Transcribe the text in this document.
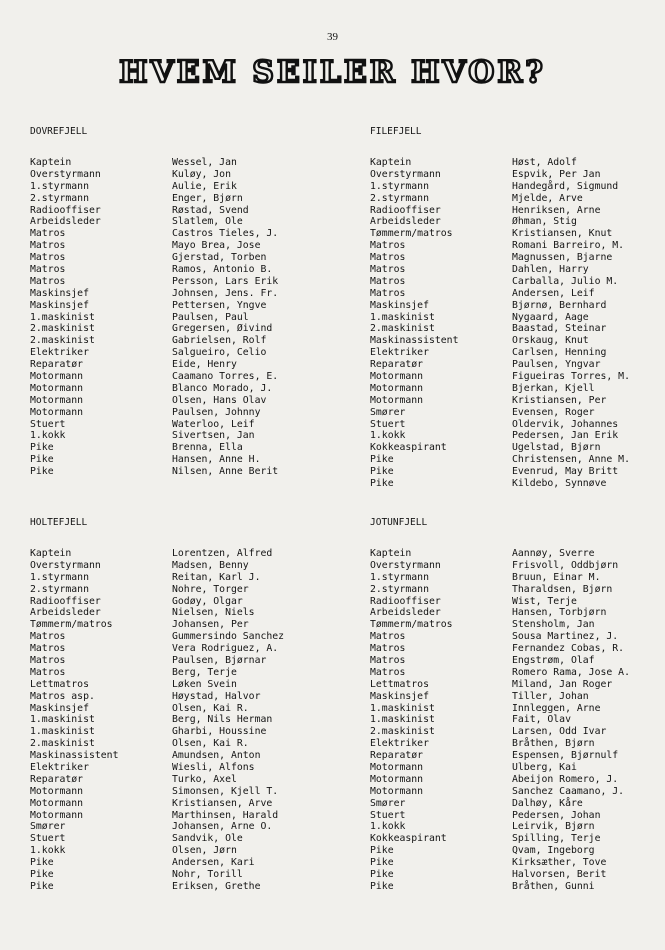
39
HVEM SEILER HVOR?
DOVREFJELL
Kaptein	Wessel, Jan
Overstyrmann	Kuløy, Jon
1.styrmann	Aulie, Erik
2.styrmann	Enger, Bjørn
Radiooffiser	Røstad, Svend
Arbeidsleder	Slatlem, Ole
Matros	Castros Tieles, J.
Matros	Mayo Brea, Jose
Matros	Gjerstad, Torben
Matros	Ramos, Antonio B.
Matros	Persson, Lars Erik
Maskinsjef	Johnsen, Jens. Fr.
Maskinsjef	Pettersen, Yngve
1.maskinist	Paulsen, Paul
2.maskinist	Gregersen, Øivind
2.maskinist	Gabrielsen, Rolf
Elektriker	Salgueiro, Celio
Reparatør	Eide, Henry
Motormann	Caamano Torres, E.
Motormann	Blanco Morado, J.
Motormann	Olsen, Hans Olav
Motormann	Paulsen, Johnny
Stuert	Waterloo, Leif
1.kokk	Sivertsen, Jan
Pike	Brenna, Ella
Pike	Hansen, Anne H.
Pike	Nilsen, Anne Berit
FILEFJELL
Kaptein	Høst, Adolf
Overstyrmann	Espvik, Per Jan
1.styrmann	Handegård, Sigmund
2.styrmann	Mjelde, Arve
Radiooffiser	Henriksen, Arne
Arbeidsleder	Øhman, Stig
Tømmerm/matros	Kristiansen, Knut
Matros	Romani Barreiro, M.
Matros	Magnussen, Bjarne
Matros	Dahlen, Harry
Matros	Carballa, Julio M.
Matros	Andersen, Leif
Maskinsjef	Bjørnø, Bernhard
1.maskinist	Nygaard, Aage
2.maskinist	Baastad, Steinar
Maskinassistent	Orskaug, Knut
Elektriker	Carlsen, Henning
Reparatør	Paulsen, Yngvar
Motormann	Figueiras Torres, M.
Motormann	Bjerkan, Kjell
Motormann	Kristiansen, Per
Smører	Evensen, Roger
Stuert	Oldervik, Johannes
1.kokk	Pedersen, Jan Erik
Kokkeaspirant	Ugelstad, Bjørn
Pike	Christensen, Anne M.
Pike	Evenrud, May Britt
Pike	Kildebo, Synnøve
HOLTEFJELL
Kaptein	Lorentzen, Alfred
Overstyrmann	Madsen, Benny
1.styrmann	Reitan, Karl J.
2.styrmann	Nohre, Torger
Radiooffiser	Godøy, Olgar
Arbeidsleder	Nielsen, Niels
Tømmerm/matros	Johansen, Per
Matros	Gummersindo Sanchez
Matros	Vera Rodriguez, A.
Matros	Paulsen, Bjørnar
Matros	Berg, Terje
Lettmatros	Løken Svein
Matros asp.	Høystad, Halvor
Maskinsjef	Olsen, Kai R.
1.maskinist	Berg, Nils Herman
1.maskinist	Gharbi, Houssine
2.maskinist	Olsen, Kai R.
Maskinassistent	Amundsen, Anton
Elektriker	Wiesli, Alfons
Reparatør	Turko, Axel
Motormann	Simonsen, Kjell T.
Motormann	Kristiansen, Arve
Motormann	Marthinsen, Harald
Smører	Johansen, Arne O.
Stuert	Sandvik, Ole
1.kokk	Olsen, Jørn
Pike	Andersen, Kari
Pike	Nohr, Torill
Pike	Eriksen, Grethe
JOTUNFJELL
Kaptein	Aannøy, Sverre
Overstyrmann	Frisvoll, Oddbjørn
1.styrmann	Bruun, Einar M.
2.styrmann	Tharaldsen, Bjørn
Radiooffiser	Wist, Terje
Arbeidsleder	Hansen, Torbjørn
Tømmerm/matros	Stensholm, Jan
Matros	Sousa Martinez, J.
Matros	Fernandez Cobas, R.
Matros	Engstrøm, Olaf
Matros	Romero Rama, Jose A.
Lettmatros	Miland, Jan Roger
Maskinsjef	Tiller, Johan
1.maskinist	Innleggen, Arne
1.maskinist	Fait, Olav
2.maskinist	Larsen, Odd Ivar
Elektriker	Bråthen, Bjørn
Reparatør	Espensen, Bjørnulf
Motormann	Ulberg, Kai
Motormann	Abeijon Romero, J.
Motormann	Sanchez Caamano, J.
Smører	Dalhøy, Kåre
Stuert	Pedersen, Johan
1.kokk	Leirvik, Bjørn
Kokkeaspirant	Spilling, Terje
Pike	Qvam, Ingeborg
Pike	Kirksæther, Tove
Pike	Halvorsen, Berit
Pike	Bråthen, Gunni
